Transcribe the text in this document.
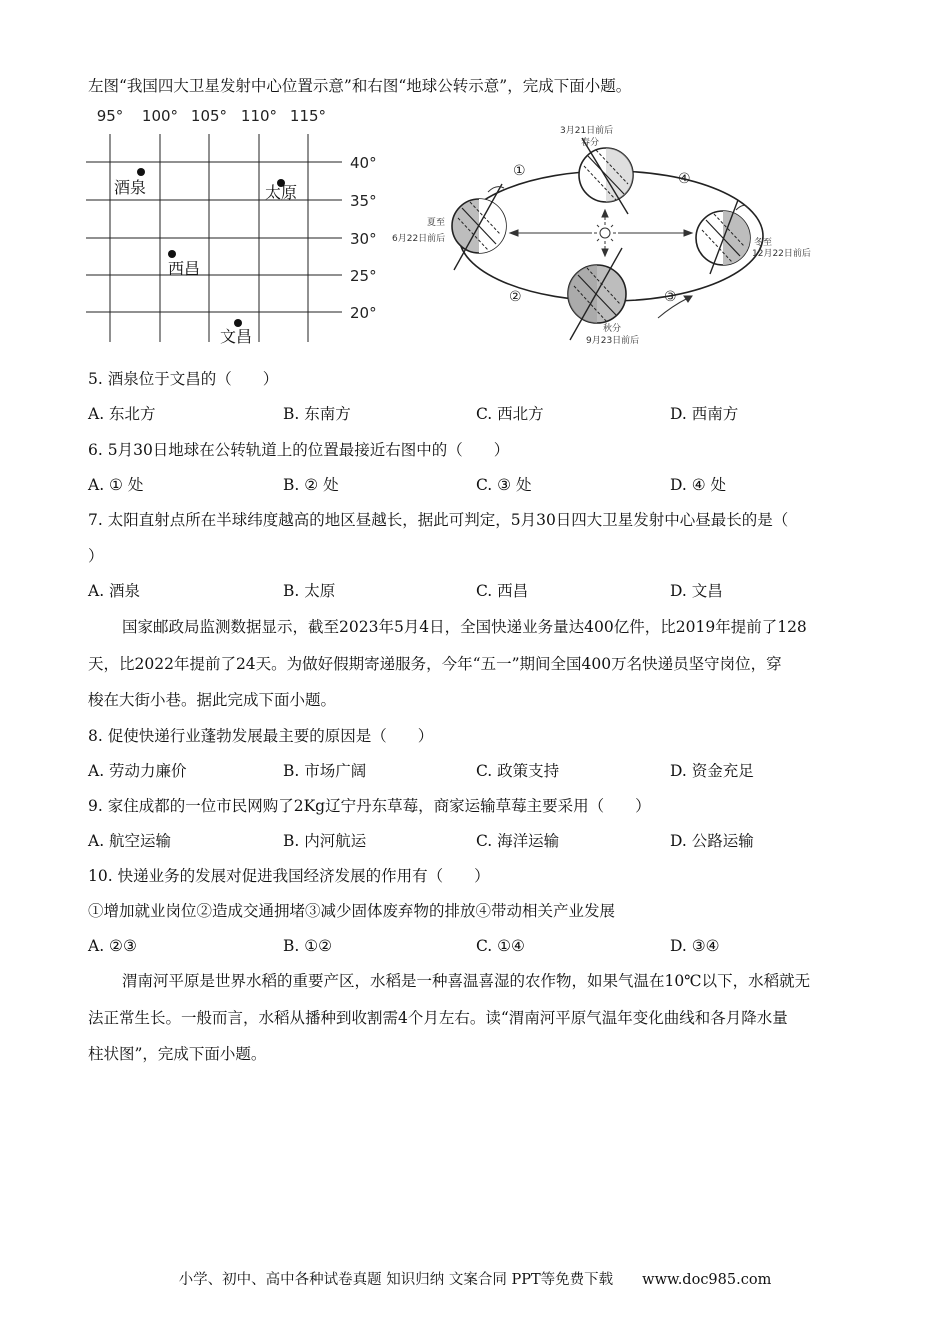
左图“我国四大卫星发射中心位置示意”和右图“地球公转示意”，完成下面小题。
95° 100° 105° 110° 115°
40°
35°
30°
25°
20°
酒泉	太原
西昌
文昌
①
②	③
④
3月21日前后
春分
夏至
6月22日前后	冬至
12月22日前后
秋分
9月23日前后
5. 酒泉位于文昌的（　　）
A. 东北方	B. 东南方	C. 西北方	D. 西南方
6. 5月30日地球在公转轨道上的位置最接近右图中的（　　）
A. ① 处	B. ② 处	C. ③ 处	D. ④ 处
7. 太阳直射点所在半球纬度越高的地区昼越长，据此可判定，5月30日四大卫星发射中心昼最长的是（
）
A. 酒泉	B. 太原	C. 西昌	D. 文昌
国家邮政局监测数据显示，截至2023年5月4日，全国快递业务量达400亿件，比2019年提前了128
天，比2022年提前了24天。为做好假期寄递服务，今年“五一”期间全国400万名快递员坚守岗位，穿
梭在大街小巷。据此完成下面小题。
8. 促使快递行业蓬勃发展最主要的原因是（　　）
A. 劳动力廉价	B. 市场广阔	C. 政策支持	D. 资金充足
9. 家住成都的一位市民网购了2Kg辽宁丹东草莓，商家运输草莓主要采用（　　）
A. 航空运输	B. 内河航运	C. 海洋运输	D. 公路运输
10. 快递业务的发展对促进我国经济发展的作用有（　　）
①增加就业岗位②造成交通拥堵③减少固体废弃物的排放④带动相关产业发展
A. ②③	B. ①②	C. ①④	D. ③④
渭南河平原是世界水稻的重要产区，水稻是一种喜温喜湿的农作物，如果气温在10℃以下，水稻就无
法正常生长。一般而言，水稻从播种到收割需4个月左右。读“渭南河平原气温年变化曲线和各月降水量
柱状图”，完成下面小题。
小学、初中、高中各种试卷真题 知识归纳 文案合同 PPT等免费下载　　www.doc985.com
